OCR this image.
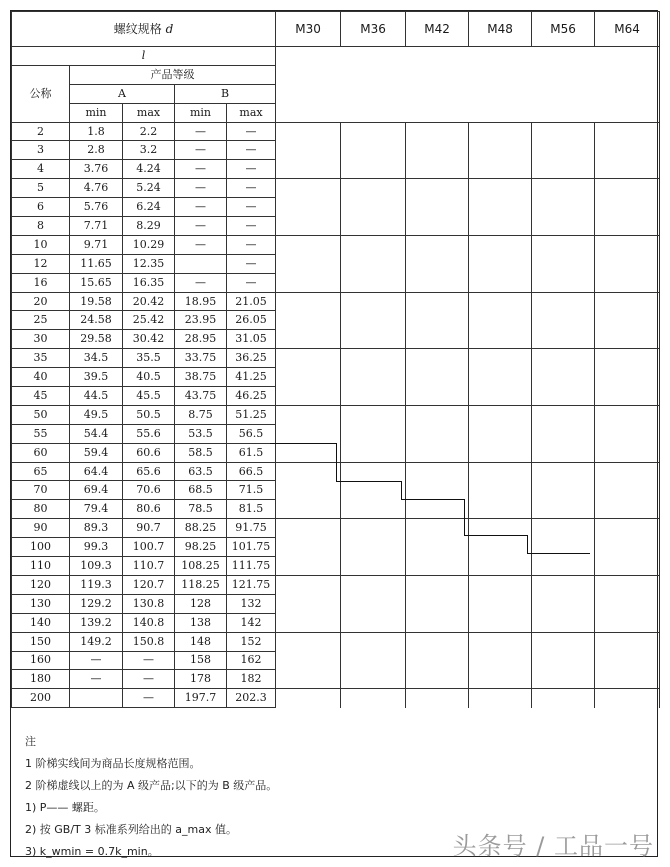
螺纹规格 d					M30	M36	M42	M48	M56	M64
l										
公称	产品等级									
	A		B							
	min	max	min	max						
2	1.8	2.2	—	—						
3	2.8	3.2	—	—						
4	3.76	4.24	—	—						
5	4.76	5.24	—	—						
6	5.76	6.24	—	—						
8	7.71	8.29	—	—						
10	9.71	10.29	—	—						
12	11.65	12.35		—						
16	15.65	16.35	—	—						
20	19.58	20.42	18.95	21.05						
25	24.58	25.42	23.95	26.05						
30	29.58	30.42	28.95	31.05						
35	34.5	35.5	33.75	36.25						
40	39.5	40.5	38.75	41.25						
45	44.5	45.5	43.75	46.25						
50	49.5	50.5	8.75	51.25						
55	54.4	55.6	53.5	56.5						
60	59.4	60.6	58.5	61.5						
65	64.4	65.6	63.5	66.5						
70	69.4	70.6	68.5	71.5						
80	79.4	80.6	78.5	81.5						
90	89.3	90.7	88.25	91.75						
100	99.3	100.7	98.25	101.75						
110	109.3	110.7	108.25	111.75						
120	119.3	120.7	118.25	121.75						
130	129.2	130.8	128	132						
140	139.2	140.8	138	142						
150	149.2	150.8	148	152						
160	—	—	158	162						
180	—	—	178	182						
200		—	197.7	202.3						
注
1 阶梯实线间为商品长度规格范围。
2 阶梯虚线以上的为 A 级产品;以下的为 B 级产品。
1) P—— 螺距。
2) 按 GB/T 3 标准系列给出的 a_max 值。
3) k_wmin = 0.7k_min。	头条号 / 工品一号
